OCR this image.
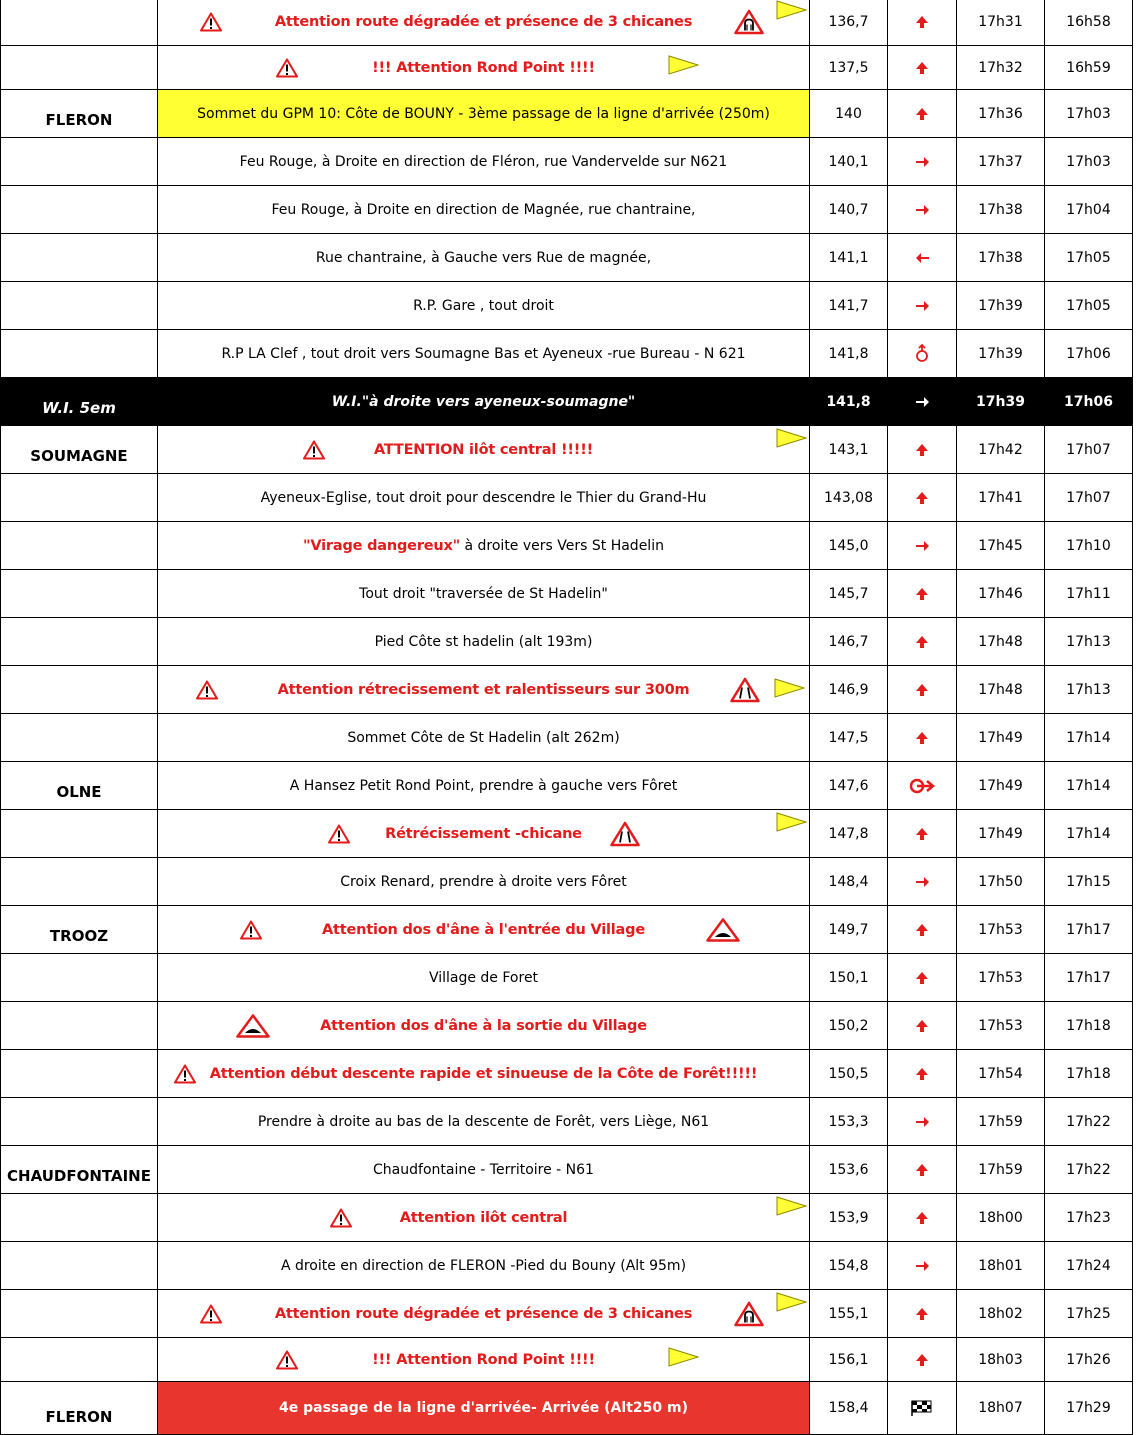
	Attention route dégradée et présence de 3 chicanes	136,7		17h31	16h58
	!!! Attention Rond Point !!!!	137,5		17h32	16h59
FLERON	Sommet du GPM 10: Côte de BOUNY - 3ème passage de la ligne d'arrivée (250m)	140		17h36	17h03
	Feu Rouge, à Droite en direction de Fléron, rue Vandervelde sur N621	140,1		17h37	17h03
	Feu Rouge, à Droite en direction de Magnée, rue chantraine,	140,7		17h38	17h04
	Rue chantraine, à Gauche vers Rue de magnée,	141,1		17h38	17h05
	R.P. Gare , tout droit	141,7		17h39	17h05
	R.P LA Clef , tout droit vers Soumagne Bas et Ayeneux -rue Bureau - N 621	141,8		17h39	17h06
W.I. 5em	W.I."à droite vers ayeneux-soumagne"	141,8		17h39	17h06
SOUMAGNE	ATTENTION ilôt central !!!!!	143,1		17h42	17h07
	Ayeneux-Eglise, tout droit pour descendre le Thier du Grand-Hu	143,08		17h41	17h07
	"Virage dangereux" à droite vers Vers St Hadelin	145,0		17h45	17h10
	Tout droit "traversée de St Hadelin"	145,7		17h46	17h11
	Pied Côte st hadelin (alt 193m)	146,7		17h48	17h13
	Attention rétrecissement et ralentisseurs sur 300m	146,9		17h48	17h13
	Sommet Côte de St Hadelin (alt 262m)	147,5		17h49	17h14
OLNE	A Hansez Petit Rond Point, prendre à gauche vers Fôret	147,6		17h49	17h14
	Rétrécissement -chicane	147,8		17h49	17h14
	Croix Renard, prendre à droite vers Fôret	148,4		17h50	17h15
TROOZ	Attention dos d'âne à l'entrée du Village	149,7		17h53	17h17
	Village de Foret	150,1		17h53	17h17
	Attention dos d'âne à la sortie du Village	150,2		17h53	17h18
	Attention début descente rapide et sinueuse de la Côte de Forêt!!!!!	150,5		17h54	17h18
	Prendre à droite au bas de la descente de Forêt, vers Liège, N61	153,3		17h59	17h22
CHAUDFONTAINE	Chaudfontaine - Territoire - N61	153,6		17h59	17h22
	Attention ilôt central	153,9		18h00	17h23
	A droite en direction de FLERON -Pied du Bouny (Alt 95m)	154,8		18h01	17h24
	Attention route dégradée et présence de 3 chicanes	155,1		18h02	17h25
	!!! Attention Rond Point !!!!	156,1		18h03	17h26
FLERON	4e passage de la ligne d'arrivée- Arrivée (Alt250 m)	158,4		18h07	17h29
